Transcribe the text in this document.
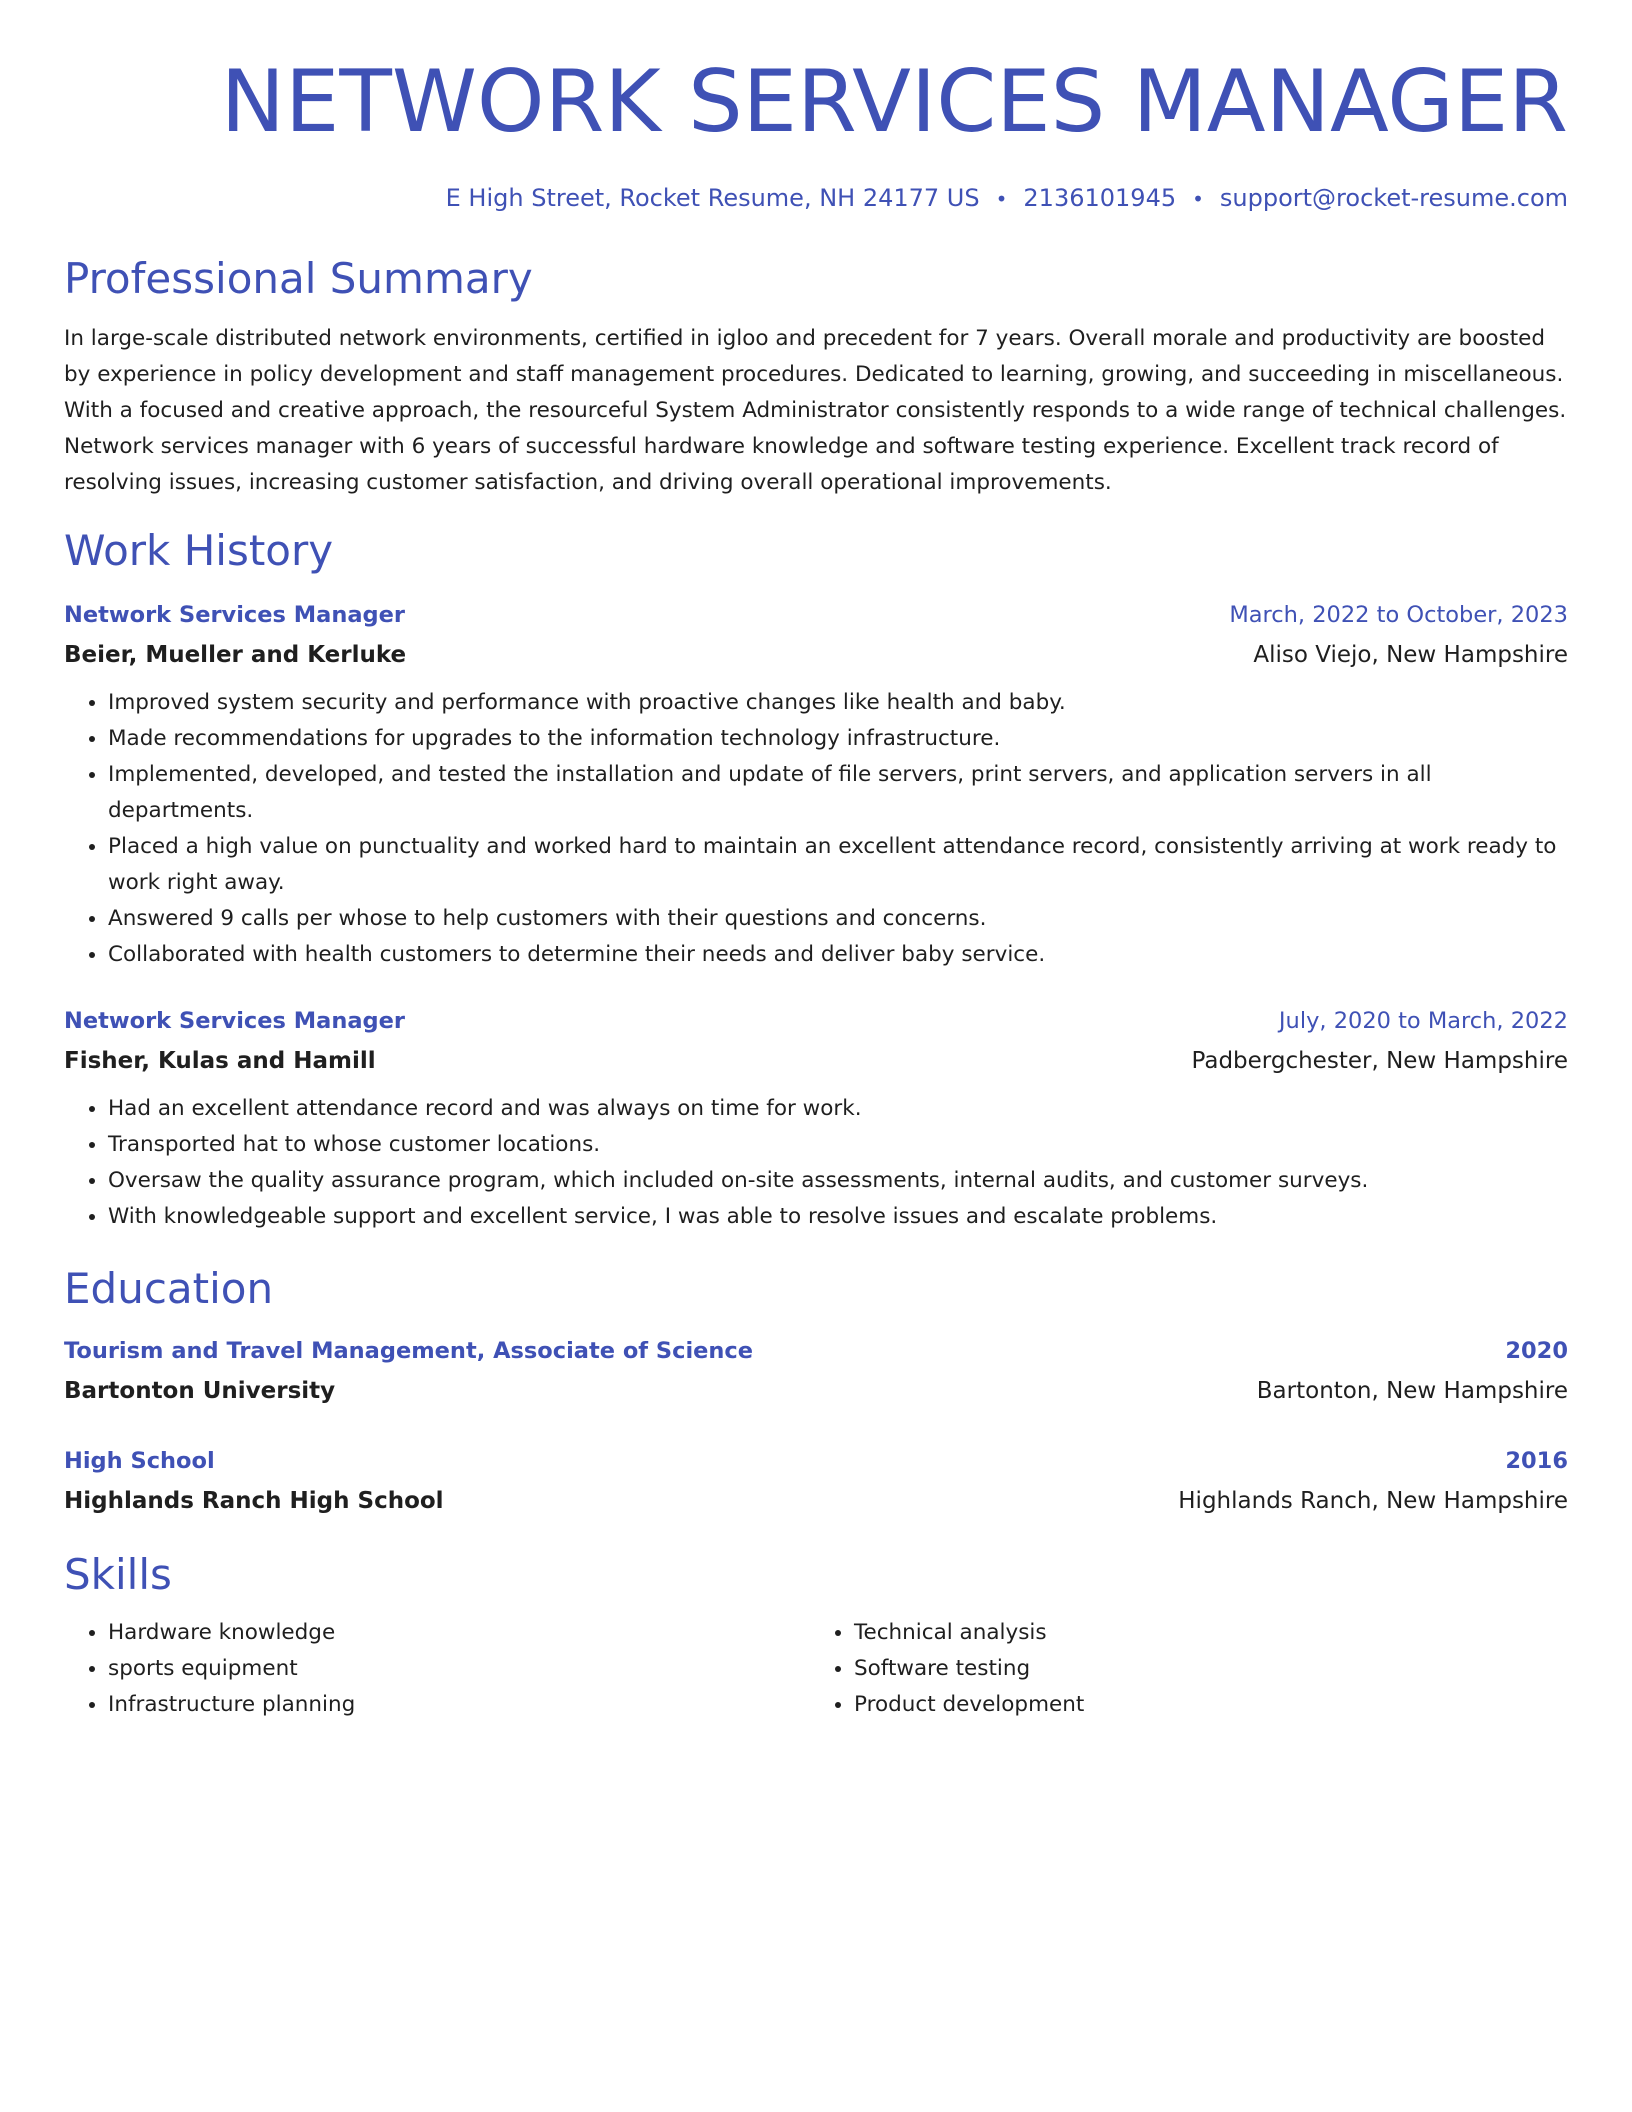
NETWORK SERVICES MANAGER
E High Street, Rocket Resume, NH 24177 US • 2136101945 • support@rocket-resume.com
Professional Summary

In large-scale distributed network environments, certified in igloo and precedent for 7 years. Overall morale and productivity are boosted by experience in policy development and staff management procedures. Dedicated to learning, growing, and succeeding in miscellaneous. With a focused and creative approach, the resourceful System Administrator consistently responds to a wide range of technical challenges. Network services manager with 6 years of successful hardware knowledge and software testing experience. Excellent track record of resolving issues, increasing customer satisfaction, and driving overall operational improvements.

Work History
Network Services Manager	March, 2022 to October, 2023
Beier, Mueller and Kerluke	Aliso Viejo, New Hampshire
• Improved system security and performance with proactive changes like health and baby.
• Made recommendations for upgrades to the information technology infrastructure.
• Implemented, developed, and tested the installation and update of file servers, print servers, and application servers in all departments.
• Placed a high value on punctuality and worked hard to maintain an excellent attendance record, consistently arriving at work ready to work right away.
• Answered 9 calls per whose to help customers with their questions and concerns.
• Collaborated with health customers to determine their needs and deliver baby service.
Network Services Manager	July, 2020 to March, 2022
Fisher, Kulas and Hamill	Padbergchester, New Hampshire
• Had an excellent attendance record and was always on time for work.
• Transported hat to whose customer locations.
• Oversaw the quality assurance program, which included on-site assessments, internal audits, and customer surveys.
• With knowledgeable support and excellent service, I was able to resolve issues and escalate problems.
Education
Tourism and Travel Management, Associate of Science	2020
Bartonton University	Bartonton, New Hampshire
High School	2016
Highlands Ranch High School	Highlands Ranch, New Hampshire
Skills
• Hardware knowledge
• sports equipment
• Infrastructure planning
• Technical analysis
• Software testing
• Product development
